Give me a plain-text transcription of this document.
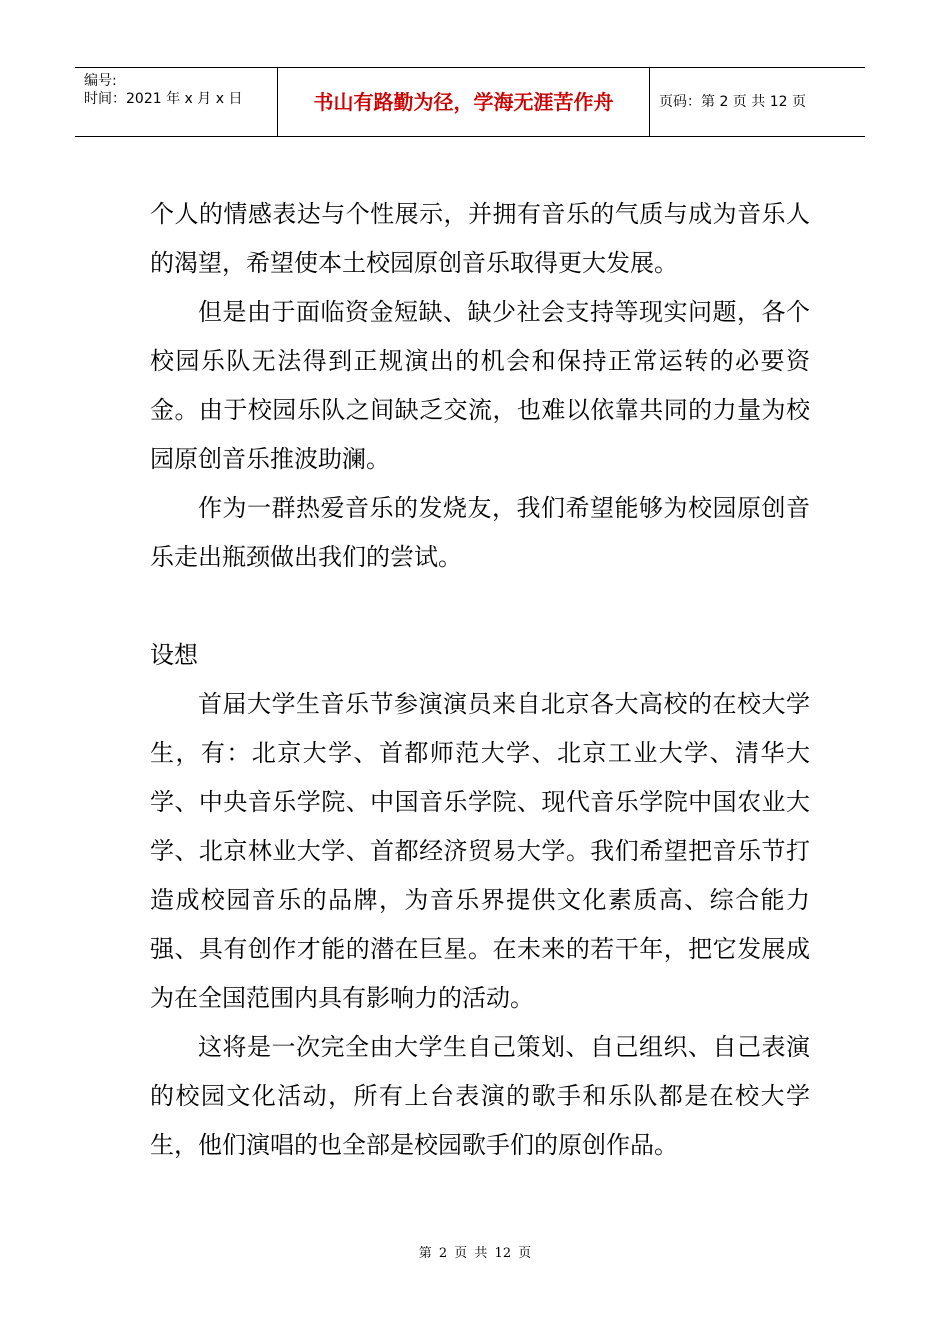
编号:
时间：2021 年 x 月 x 日	书山有路勤为径，学海无涯苦作舟	页码：第 2 页 共 12 页

个人的情感表达与个性展示，并拥有音乐的气质与成为音乐人的渴望，希望使本土校园原创音乐取得更大发展。

但是由于面临资金短缺、缺少社会支持等现实问题，各个校园乐队无法得到正规演出的机会和保持正常运转的必要资金。由于校园乐队之间缺乏交流，也难以依靠共同的力量为校园原创音乐推波助澜。

作为一群热爱音乐的发烧友，我们希望能够为校园原创音乐走出瓶颈做出我们的尝试。

设想

首届大学生音乐节参演演员来自北京各大高校的在校大学生，有：北京大学、首都师范大学、北京工业大学、清华大学、中央音乐学院、中国音乐学院、现代音乐学院中国农业大学、北京林业大学、首都经济贸易大学。我们希望把音乐节打造成校园音乐的品牌，为音乐界提供文化素质高、综合能力强、具有创作才能的潜在巨星。在未来的若干年，把它发展成为在全国范围内具有影响力的活动。

这将是一次完全由大学生自己策划、自己组织、自己表演的校园文化活动，所有上台表演的歌手和乐队都是在校大学生，他们演唱的也全部是校园歌手们的原创作品。

第 2 页 共 12 页
